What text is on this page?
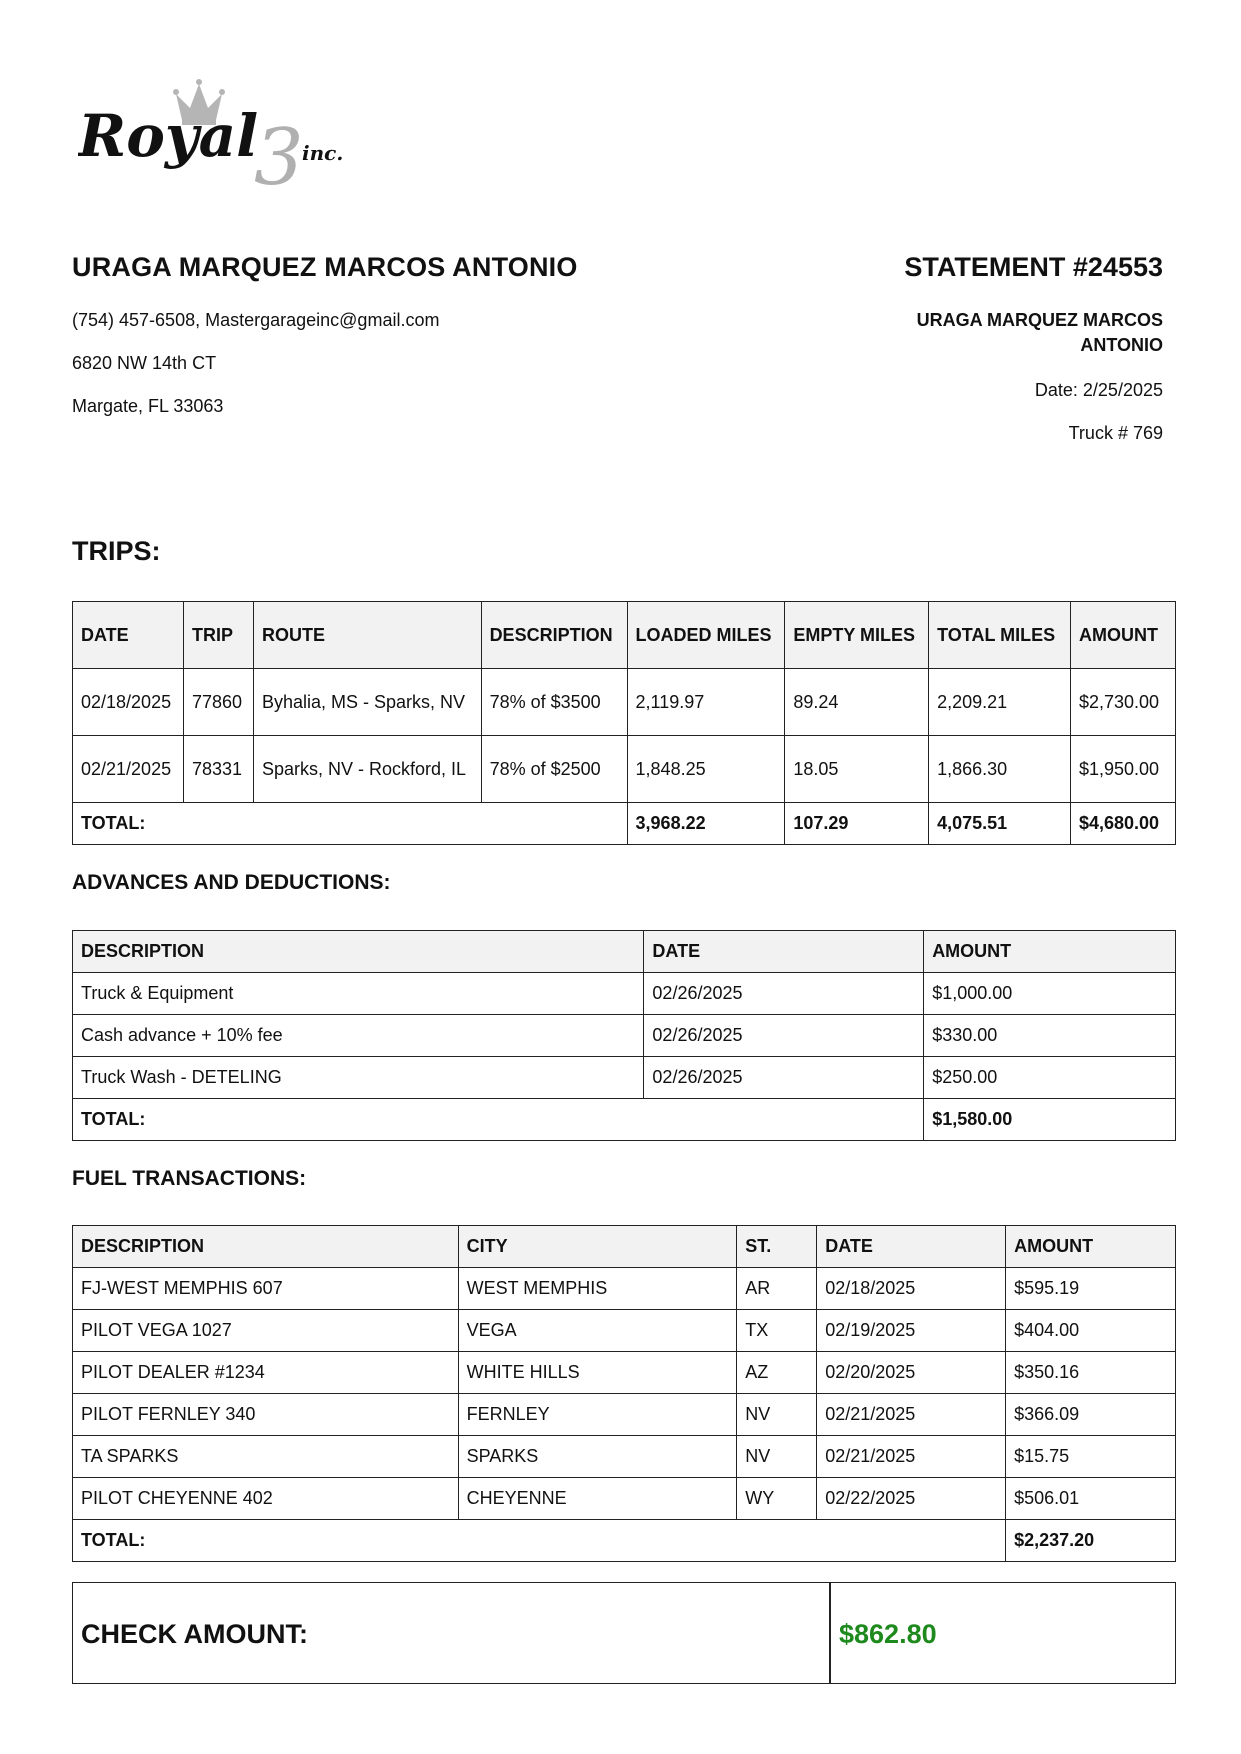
Royal
3
inc.
URAGA MARQUEZ MARCOS ANTONIO
(754) 457-6508, Mastergarageinc@gmail.com
6820 NW 14th CT
Margate, FL 33063
STATEMENT #24553
URAGA MARQUEZ MARCOS ANTONIO
Date: 2/25/2025
Truck # 769
TRIPS:
DATE	TRIP	ROUTE	DESCRIPTION	LOADED MILES	EMPTY MILES	TOTAL MILES	AMOUNT
02/18/2025	77860	Byhalia, MS - Sparks, NV	78% of $3500	2,119.97	89.24	2,209.21	$2,730.00
02/21/2025	78331	Sparks, NV - Rockford, IL	78% of $2500	1,848.25	18.05	1,866.30	$1,950.00
TOTAL:				3,968.22	107.29	4,075.51	$4,680.00
ADVANCES AND DEDUCTIONS:
DESCRIPTION	DATE	AMOUNT
Truck & Equipment	02/26/2025	$1,000.00
Cash advance + 10% fee	02/26/2025	$330.00
Truck Wash - DETELING	02/26/2025	$250.00
TOTAL:		$1,580.00
FUEL TRANSACTIONS:
DESCRIPTION	CITY	ST.	DATE	AMOUNT
FJ-WEST MEMPHIS 607	WEST MEMPHIS	AR	02/18/2025	$595.19
PILOT VEGA 1027	VEGA	TX	02/19/2025	$404.00
PILOT DEALER #1234	WHITE HILLS	AZ	02/20/2025	$350.16
PILOT FERNLEY 340	FERNLEY	NV	02/21/2025	$366.09
TA SPARKS	SPARKS	NV	02/21/2025	$15.75
PILOT CHEYENNE 402	CHEYENNE	WY	02/22/2025	$506.01
TOTAL:				$2,237.20
CHECK AMOUNT:	$862.80
